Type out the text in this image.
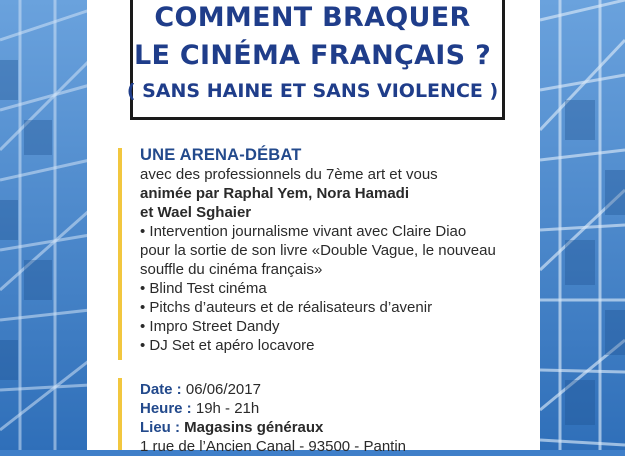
COMMENT BRAQUER
LE CINÉMA FRANÇAIS ?
( SANS HAINE ET SANS VIOLENCE )
UNE ARENA-DÉBAT
avec des professionnels du 7ème art et vous
animée par Raphal Yem, Nora Hamadi
et Wael Sghaier
• Intervention journalisme vivant avec Claire Diao
pour la sortie de son livre «Double Vague, le nouveau
souffle du cinéma français»
• Blind Test cinéma
• Pitchs d’auteurs et de réalisateurs d’avenir
• Impro Street Dandy
• DJ Set et apéro locavore
Date : 06/06/2017
Heure : 19h - 21h
Lieu : Magasins généraux
1 rue de l’Ancien Canal - 93500 - Pantin
